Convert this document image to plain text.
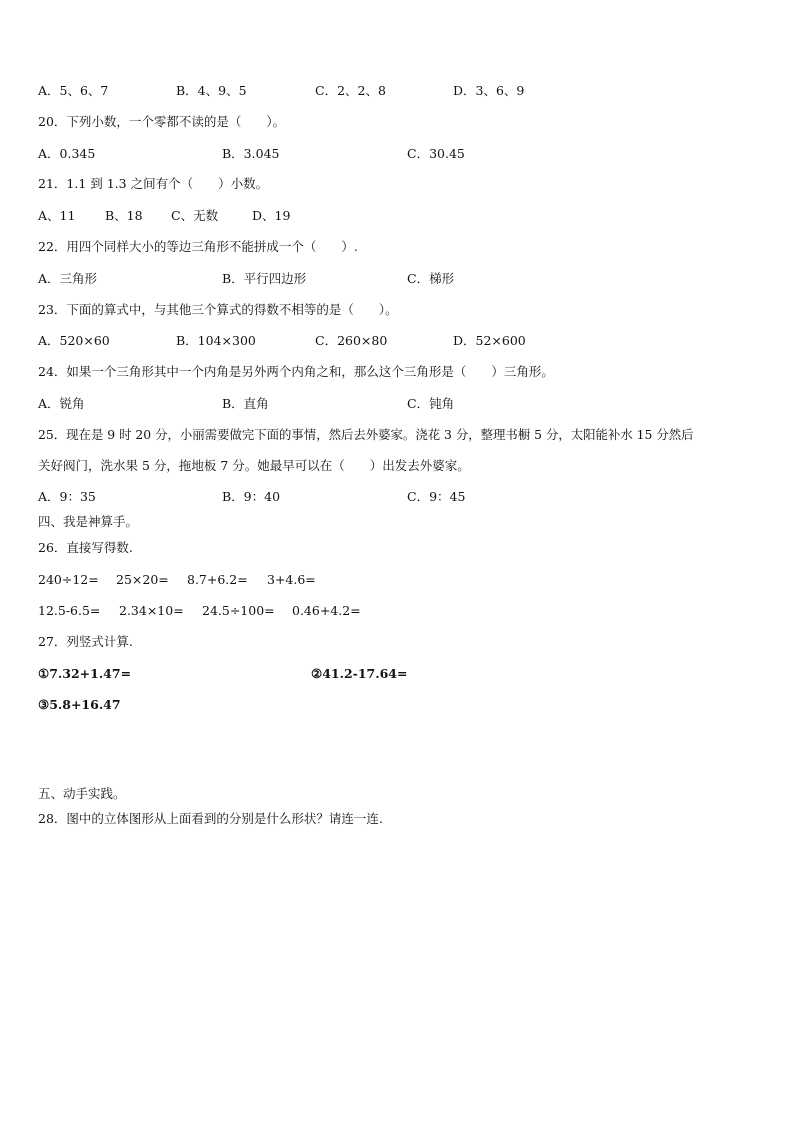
A．5、6、7	B．4、9、5	C．2、2、8	D．3、6、9
20．下列小数，一个零都不读的是（　　）。
A．0.345	B．3.045	C．30.45
21．1.1 到 1.3 之间有个（　　）小数。
A、11 B、18 C、无数	D、19
22．用四个同样大小的等边三角形不能拼成一个（　　）.
A．三角形	B．平行四边形	C．梯形
23．下面的算式中，与其他三个算式的得数不相等的是（　　）。
A．520×60	B．104×300	C．260×80	D．52×600
24．如果一个三角形其中一个内角是另外两个内角之和，那么这个三角形是（　　）三角形。
A．锐角	B．直角	C．钝角
25．现在是 9 时 20 分，小丽需要做完下面的事情，然后去外婆家。浇花 3 分，整理书橱 5 分，太阳能补水 15 分然后
关好阀门，洗水果 5 分，拖地板 7 分。她最早可以在（　　）出发去外婆家。
A．9：35	B．9：40	C．9：45
四、我是神算手。
26．直接写得数.
240÷12= 25×20= 8.7+6.2= 3+4.6=
12.5-6.5= 2.34×10= 24.5÷100= 0.46+4.2=
27．列竖式计算.
①7.32+1.47=	②41.2-17.64=
③5.8+16.47
五、动手实践。
28．图中的立体图形从上面看到的分别是什么形状？请连一连.
